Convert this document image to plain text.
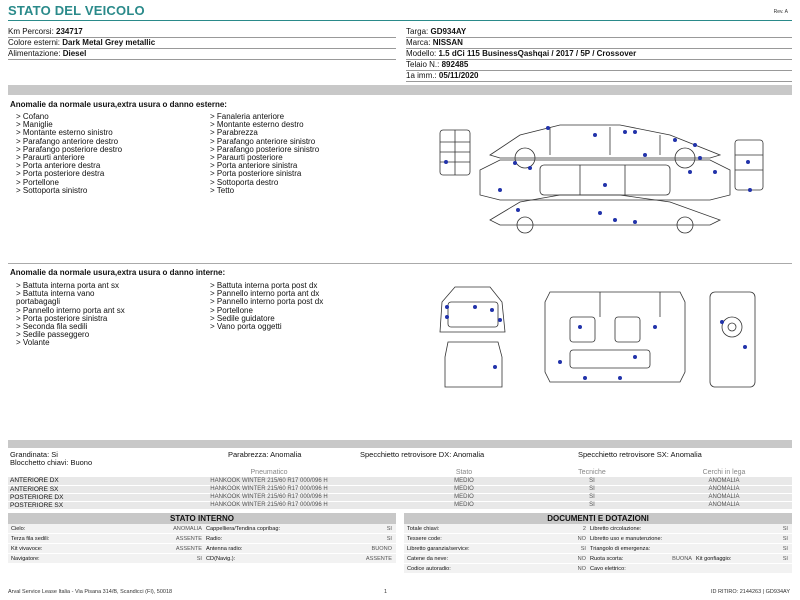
STATO DEL VEICOLO	Rev. A
Km Percorsi: 234717
Colore esterni: Dark Metal Grey metallic
Alimentazione: Diesel
Targa: GD934AY
Marca: NISSAN
Modello: 1.5 dCi 115 BusinessQashqai / 2017 / 5P / Crossover
Telaio N.: 892485
1a imm.: 05/11/2020
Anomalie da normale usura,extra usura o danno esterne:
> Cofano
> Maniglie
> Montante esterno sinistro
> Parafango anteriore destro
> Parafango posteriore destro
> Paraurti anteriore
> Porta anteriore destra
> Porta posteriore destra
> Portellone
> Sottoporta sinistro
> Fanaleria anteriore
> Montante esterno destro
> Parabrezza
> Parafango anteriore sinistro
> Parafango posteriore sinistro
> Paraurti posteriore
> Porta anteriore sinistra
> Porta posteriore sinistra
> Sottoporta destro
> Tetto
Anomalie da normale usura,extra usura o danno interne:
> Battuta interna porta ant sx
> Battuta interna vano
portabagagli
> Pannello interno porta ant sx
> Porta posteriore sinistra
> Seconda fila sedili
> Sedile passeggero
> Volante
> Battuta interna porta post dx
> Pannello interno porta ant dx
> Pannello interno porta post dx
> Portellone
> Sedile guidatore
> Vano porta oggetti
Grandinata: Si	Parabrezza: Anomalia	Specchietto retrovisore DX: Anomalia	Specchietto retrovisore SX: Anomalia
Blocchetto chiavi: Buono
	Pneumatico	Stato	Tecniche	Cerchi in lega
ANTERIORE DX	HANKOOK WINTER 215/60 R17 000/096 H	MEDIO	SI	ANOMALIA
ANTERIORE SX	HANKOOK WINTER 215/60 R17 000/096 H	MEDIO	SI	ANOMALIA
POSTERIORE DX	HANKOOK WINTER 215/60 R17 000/096 H	MEDIO	SI	ANOMALIA
POSTERIORE SX	HANKOOK WINTER 215/60 R17 000/096 H	MEDIO	SI	ANOMALIA
STATO INTERNO
Cielo:	ANOMALIA Cappelliera/Tendina copribag:	SI
Terza fila sedili:	ASSENTE Radio:	SI
Kit vivavoce:	ASSENTE Antenna radio:	BUONO
Navigatore:	SI CD(Navig.):	ASSENTE
DOCUMENTI E DOTAZIONI
Totale chiavi:	2 Libretto circolazione:	SI
Tessere code:	NO Libretto uso e manutenzione:	SI
Libretto garanzia/service:	SI Triangolo di emergenza:	SI
Catene da neve:	NO Ruota scorta:	BUONA Kit gonfiaggio:	SI
Codice autoradio:	NO Cavo elettrico:
Arval Service Lease Italia - Via Pisana 314/B, Scandicci (FI), 50018	1	ID RITIRO: 2144263 | GD934AY
